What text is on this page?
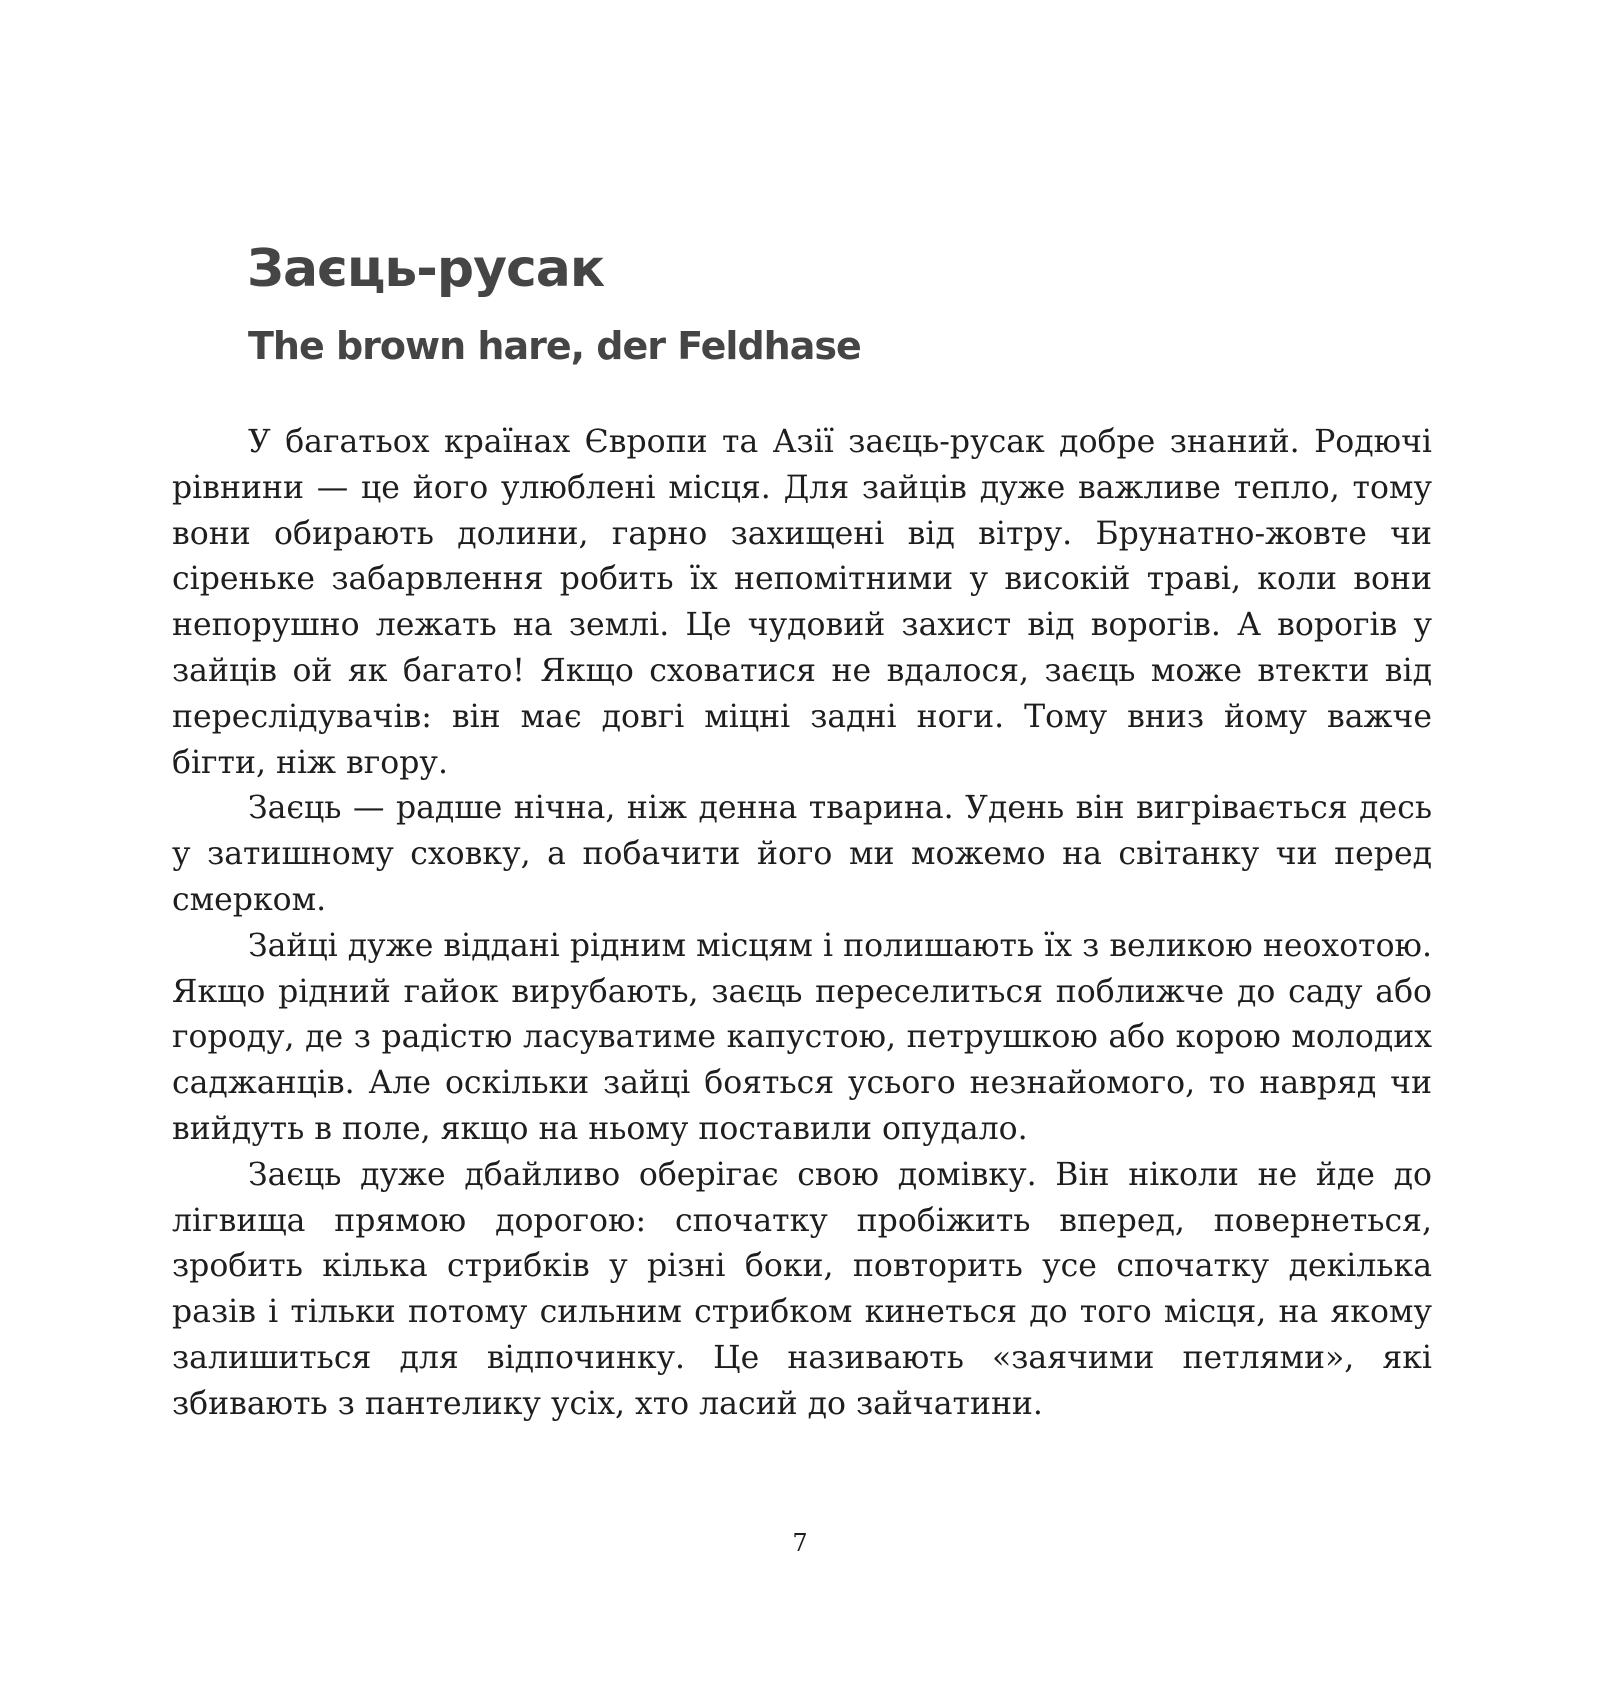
Заєць-русак
The brown hare, der Feldhase

У багатьох країнах Європи та Азії заєць-русак добре знаний. Родючі рівнини — це його улюблені місця. Для зайців дуже важливе тепло, тому вони обирають долини, гарно захищені від вітру. Брунатно-жовте чи сіреньке забарвлення робить їх непомітними у високій траві, коли вони непорушно лежать на землі. Це чудовий захист від ворогів. А ворогів у зайців ой як багато! Якщо сховатися не вдалося, заєць може втекти від переслідувачів: він має довгі міцні задні ноги. Тому вниз йому важче бігти, ніж вгору.

Заєць — радше нічна, ніж денна тварина. Удень він вигрівається десь у затишному сховку, а побачити його ми можемо на світанку чи перед смерком.

Зайці дуже віддані рідним місцям і полишають їх з великою неохотою. Якщо рідний гайок вирубають, заєць переселиться поближче до саду або городу, де з радістю ласуватиме капустою, петрушкою або корою молодих саджанців. Але оскільки зайці бояться усього незнайомого, то навряд чи вийдуть в поле, якщо на ньому поставили опудало.

Заєць дуже дбайливо оберігає свою домівку. Він ніколи не йде до лігвища прямою дорогою: спочатку пробіжить вперед, повернеться, зробить кілька стрибків у різні боки, повторить усе спочатку декілька разів і тільки потому сильним стрибком кинеться до того місця, на якому залишиться для відпочинку. Це називають «заячими петлями», які збивають з пантелику усіх, хто ласий до зайчатини.

7
